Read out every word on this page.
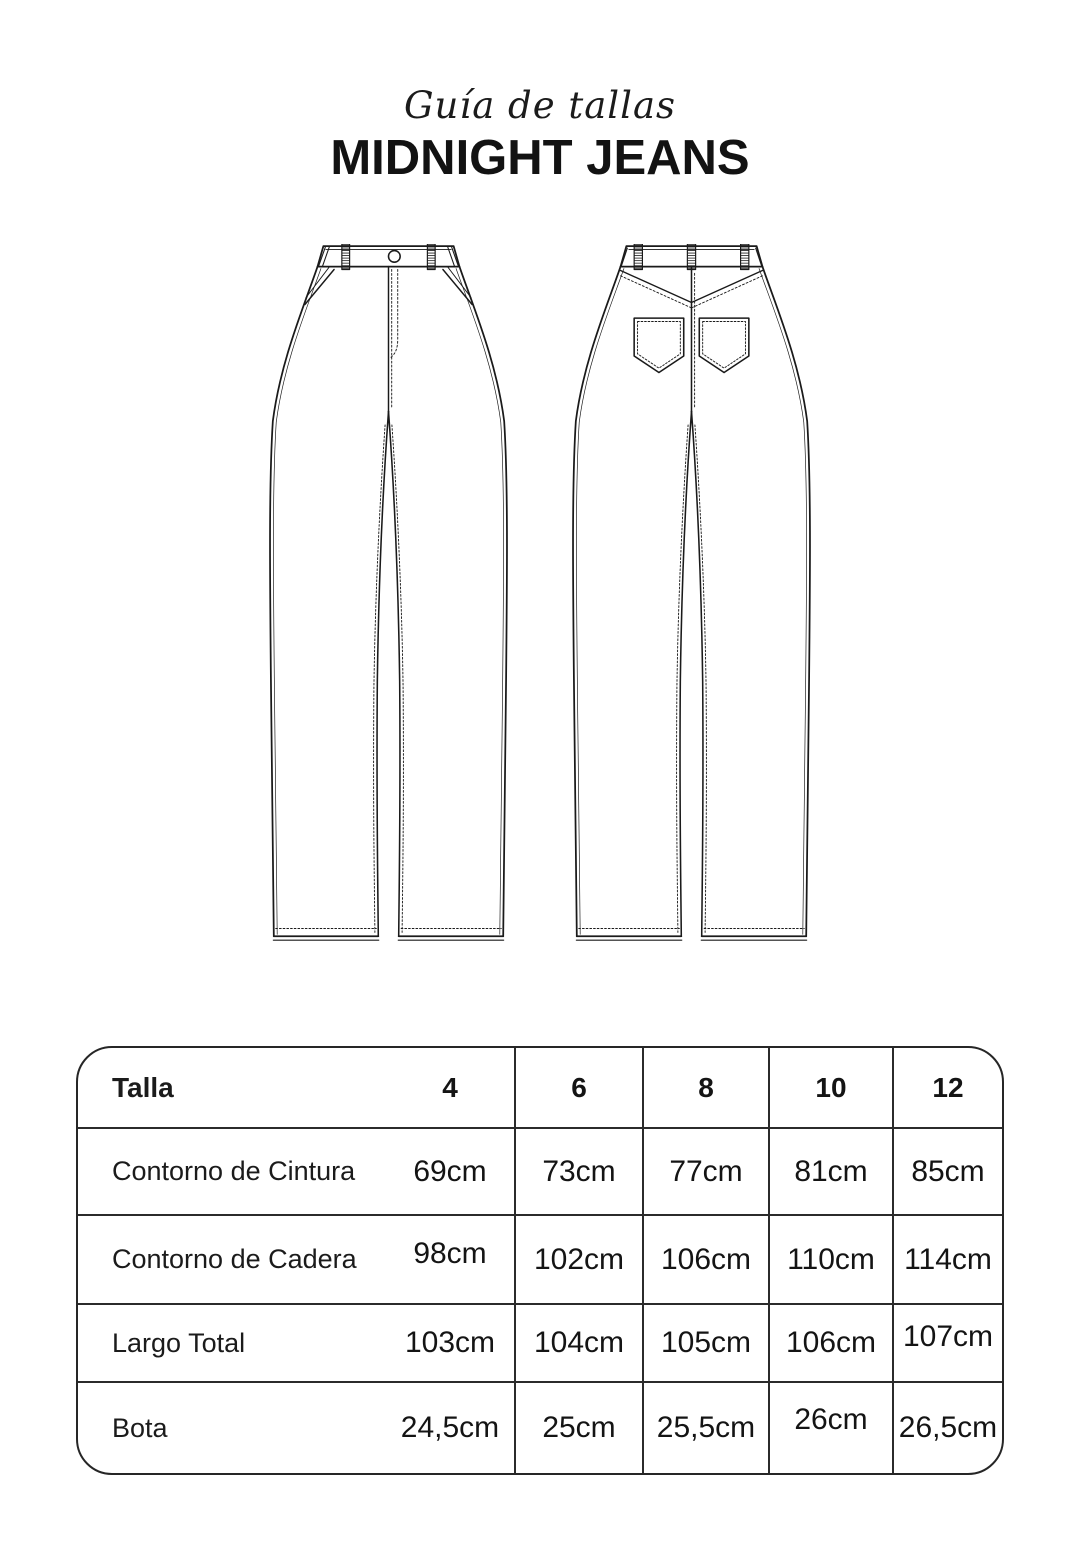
Guía de tallas
MIDNIGHT JEANS
Talla	4	6	8	10	12
Contorno de Cintura	69cm	73cm	77cm	81cm	85cm
Contorno de Cadera	98cm	102cm	106cm	110cm 114cm
Largo Total	103cm	104cm	105cm	106cm 107cm
Bota	24,5cm	25cm	25,5cm	26cm 26,5cm
